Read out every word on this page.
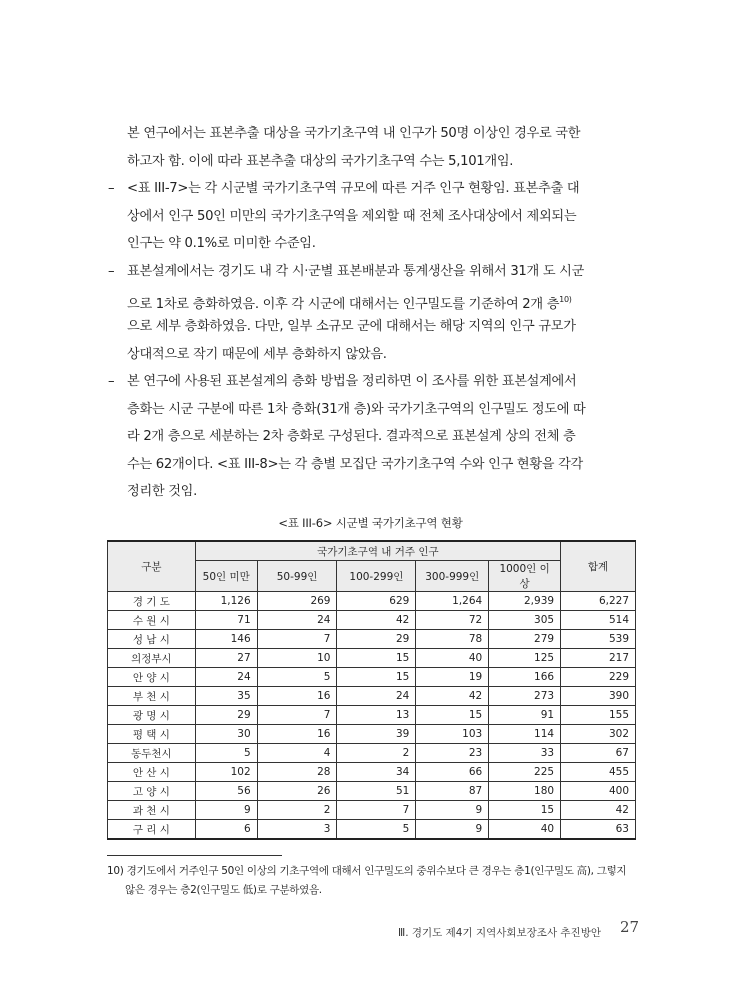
본 연구에서는 표본추출 대상을 국가기초구역 내 인구가 50명 이상인 경우로 국한
하고자 함. 이에 따라 표본추출 대상의 국가기초구역 수는 5,101개임.
– <표 III-7>는 각 시군별 국가기초구역 규모에 따른 거주 인구 현황임. 표본추출 대
상에서 인구 50인 미만의 국가기초구역을 제외할 때 전체 조사대상에서 제외되는
인구는 약 0.1%로 미미한 수준임.
– 표본설계에서는 경기도 내 각 시·군별 표본배분과 통계생산을 위해서 31개 도 시군
으로 1차로 층화하였음. 이후 각 시군에 대해서는 인구밀도를 기준하여 2개 층$^{10)}$
으로 세부 층화하였음. 다만, 일부 소규모 군에 대해서는 해당 지역의 인구 규모가
상대적으로 작기 때문에 세부 층화하지 않았음.
– 본 연구에 사용된 표본설계의 층화 방법을 정리하면 이 조사를 위한 표본설계에서
층화는 시군 구분에 따른 1차 층화(31개 층)와 국가기초구역의 인구밀도 정도에 따
라 2개 층으로 세분하는 2차 층화로 구성된다. 결과적으로 표본설계 상의 전체 층
수는 62개이다. <표 III-8>는 각 층별 모집단 국가기초구역 수와 인구 현황을 각각
정리한 것임.
<표 III-6> 시군별 국가기초구역 현황
구분	국가기초구역 내 거주 인구					합계
	50인 미만	50-99인	100-299인	300-999인	1000인 이상	
경 기 도	1,126	269	629	1,264	2,939	6,227
수 원 시	71	24	42	72	305	514
성 남 시	146	7	29	78	279	539
의정부시	27	10	15	40	125	217
안 양 시	24	5	15	19	166	229
부 천 시	35	16	24	42	273	390
광 명 시	29	7	13	15	91	155
평 택 시	30	16	39	103	114	302
동두천시	5	4	2	23	33	67
안 산 시	102	28	34	66	225	455
고 양 시	56	26	51	87	180	400
과 천 시	9	2	7	9	15	42
구 리 시	6	3	5	9	40	63
10) 경기도에서 거주인구 50인 이상의 기초구역에 대해서 인구밀도의 중위수보다 큰 경우는 층1(인구밀도 高), 그렇지
않은 경우는 층2(인구밀도 低)로 구분하였음.
Ⅲ. 경기도 제4기 지역사회보장조사 추진방안 27
